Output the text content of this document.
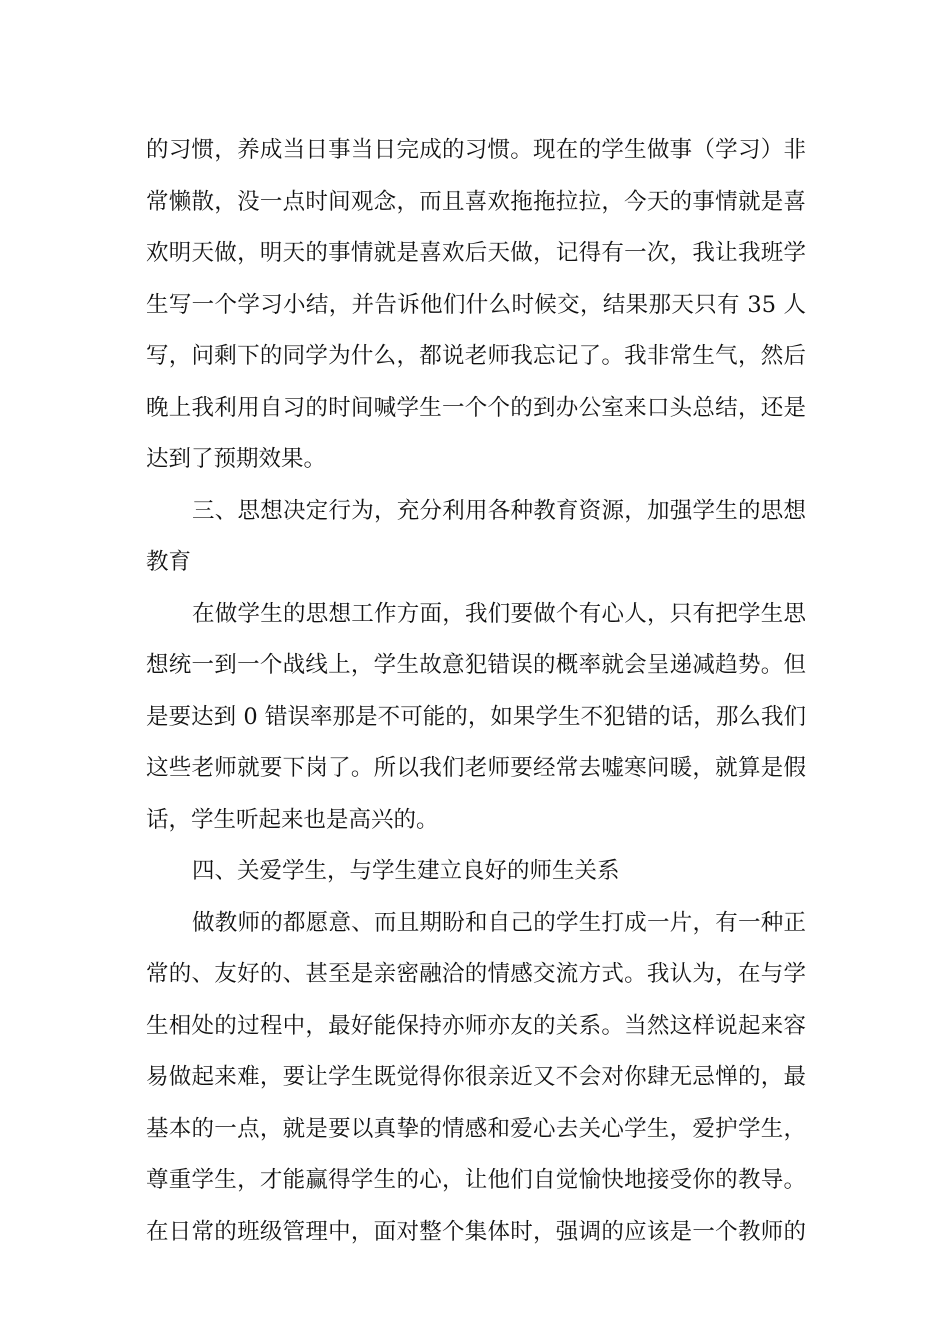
的习惯，养成当日事当日完成的习惯。现在的学生做事（学习）非
常懒散，没一点时间观念，而且喜欢拖拖拉拉，今天的事情就是喜
欢明天做，明天的事情就是喜欢后天做，记得有一次，我让我班学
生写一个学习小结，并告诉他们什么时候交，结果那天只有 35 人
写，问剩下的同学为什么，都说老师我忘记了。我非常生气，然后
晚上我利用自习的时间喊学生一个个的到办公室来口头总结，还是
达到了预期效果。
三、思想决定行为，充分利用各种教育资源，加强学生的思想
教育
在做学生的思想工作方面，我们要做个有心人，只有把学生思
想统一到一个战线上，学生故意犯错误的概率就会呈递减趋势。但
是要达到 0 错误率那是不可能的，如果学生不犯错的话，那么我们
这些老师就要下岗了。所以我们老师要经常去嘘寒问暖，就算是假
话，学生听起来也是高兴的。
四、关爱学生，与学生建立良好的师生关系
做教师的都愿意、而且期盼和自己的学生打成一片，有一种正
常的、友好的、甚至是亲密融洽的情感交流方式。我认为，在与学
生相处的过程中，最好能保持亦师亦友的关系。当然这样说起来容
易做起来难，要让学生既觉得你很亲近又不会对你肆无忌惮的，最
基本的一点，就是要以真挚的情感和爱心去关心学生，爱护学生，
尊重学生，才能赢得学生的心，让他们自觉愉快地接受你的教导。
在日常的班级管理中，面对整个集体时，强调的应该是一个教师的
